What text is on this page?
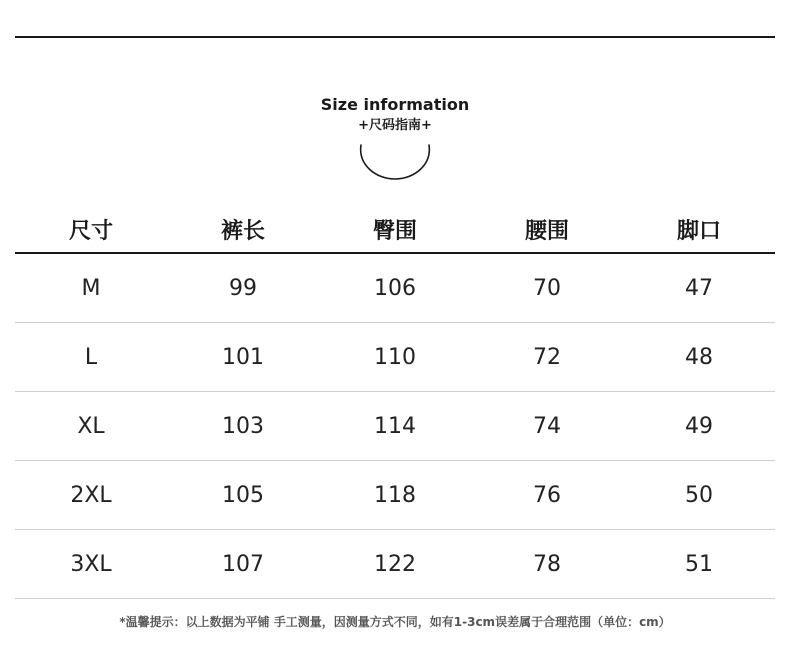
Size information
+尺码指南+
尺寸	裤长	臀围	腰围	脚口
M	99	106	70	47
L	101	110	72	48
XL	103	114	74	49
2XL	105	118	76	50
3XL	107	122	78	51
*温馨提示：以上数据为平铺 手工测量，因测量方式不同，如有1-3cm误差属于合理范围（单位：cm）
